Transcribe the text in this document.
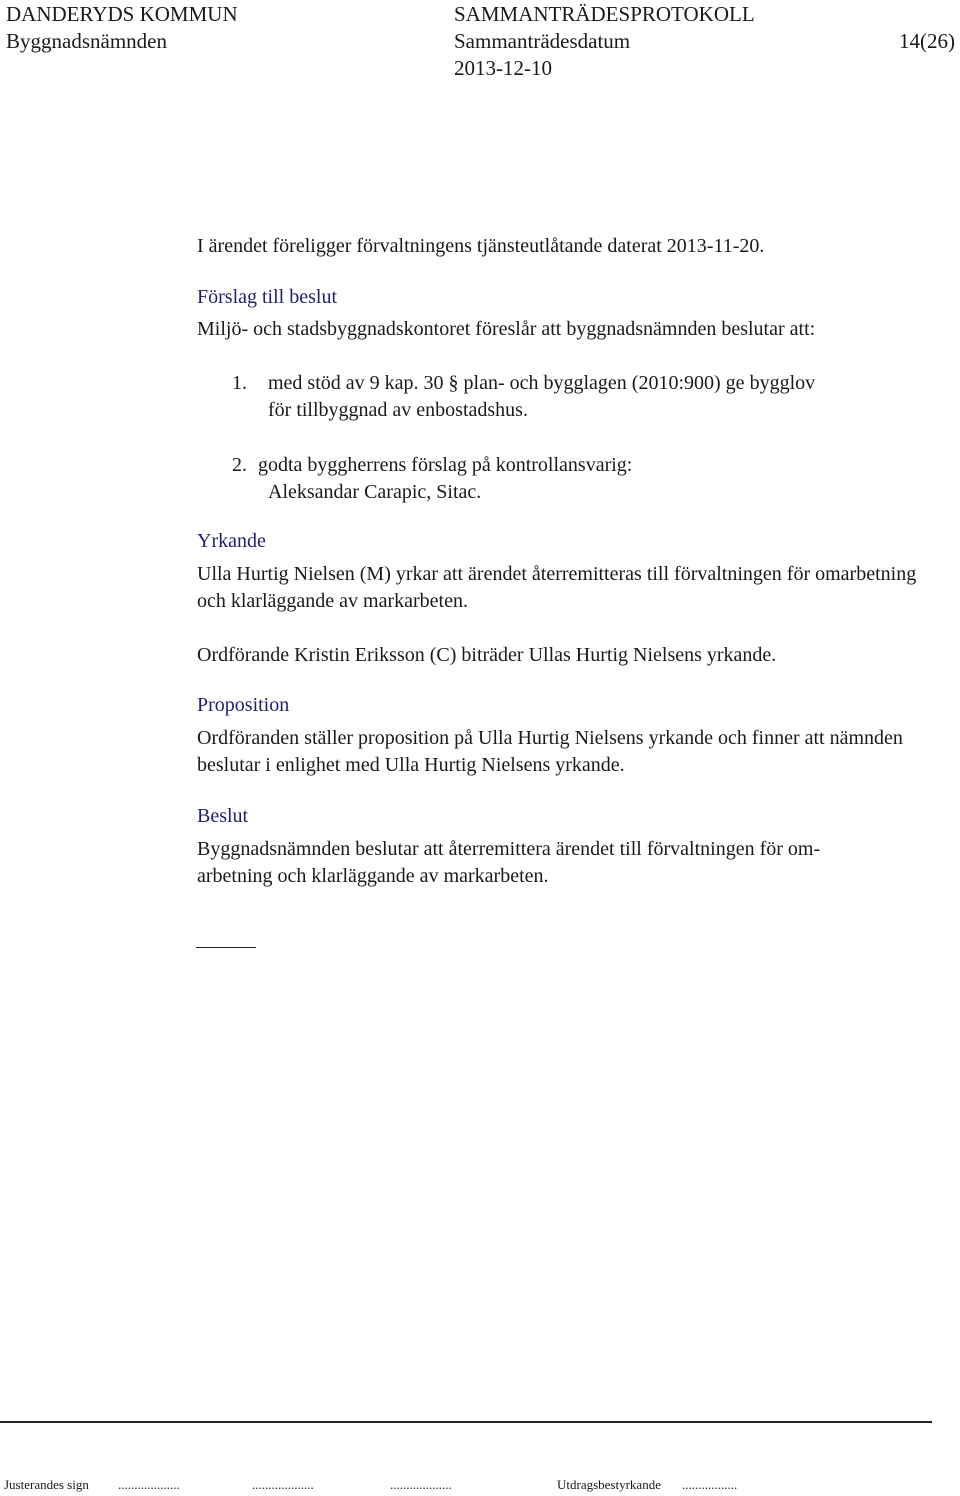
DANDERYDS KOMMUN	SAMMANTRÄDESPROTOKOLL
Byggnadsnämnden	Sammanträdesdatum	14(26)
2013-12-10
I ärendet föreligger förvaltningens tjänsteutlåtande daterat 2013-11-20.
Förslag till beslut
Miljö- och stadsbyggnadskontoret föreslår att byggnadsnämnden beslutar att:
1. med stöd av 9 kap. 30 § plan- och bygglagen (2010:900) ge bygglov
för tillbyggnad av enbostadshus.
2. godta byggherrens förslag på kontrollansvarig:
Aleksandar Carapic, Sitac.
Yrkande
Ulla Hurtig Nielsen (M) yrkar att ärendet återremitteras till förvaltningen för omarbetning och klarläggande av markarbeten.
Ordförande Kristin Eriksson (C) biträder Ullas Hurtig Nielsens yrkande.
Proposition
Ordföranden ställer proposition på Ulla Hurtig Nielsens yrkande och finner att nämnden beslutar i enlighet med Ulla Hurtig Nielsens yrkande.
Beslut
Byggnadsnämnden beslutar att återremittera ärendet till förvaltningen för om-
arbetning och klarläggande av markarbeten.
Justerandes sign ...................	...................	...................	Utdragsbestyrkande .................
